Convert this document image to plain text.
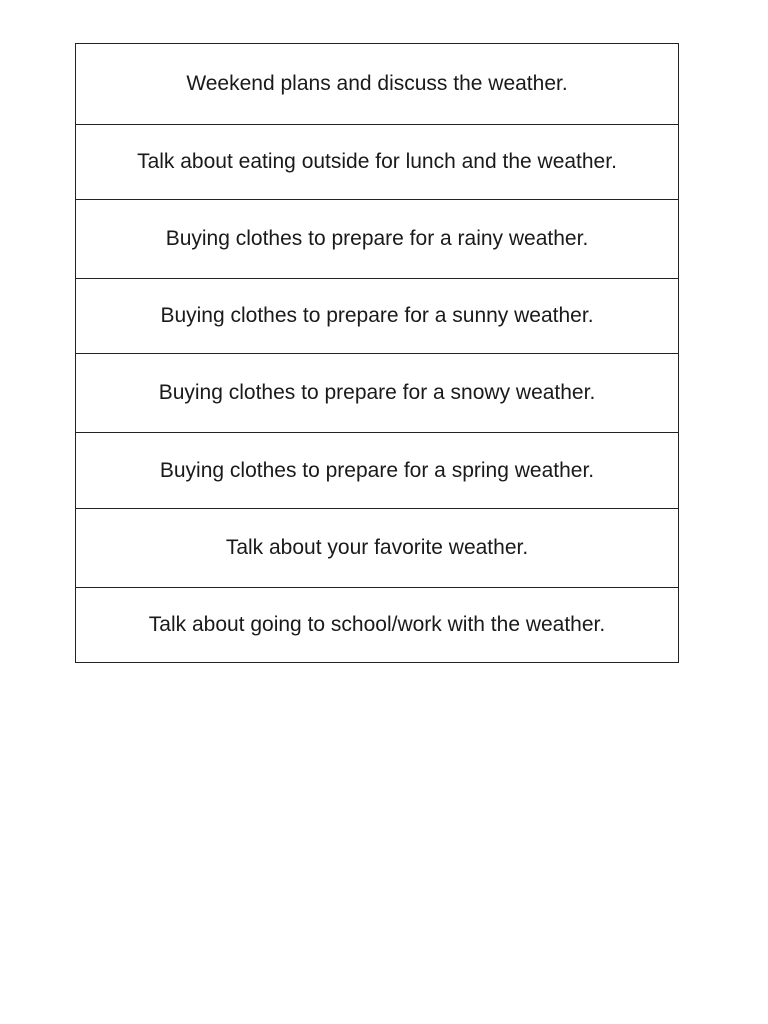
Weekend plans and discuss the weather.
Talk about eating outside for lunch and the weather.
Buying clothes to prepare for a rainy weather.
Buying clothes to prepare for a sunny weather.
Buying clothes to prepare for a snowy weather.
Buying clothes to prepare for a spring weather.
Talk about your favorite weather.
Talk about going to school/work with the weather.
